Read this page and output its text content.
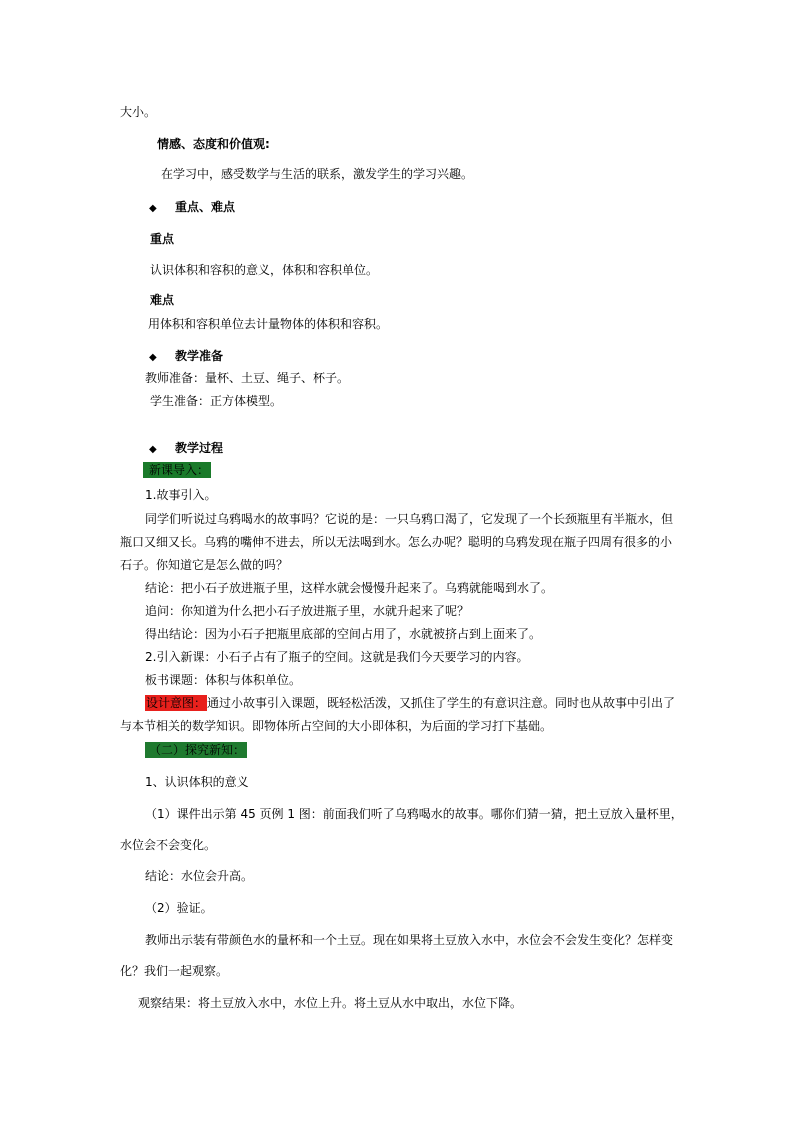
大小。
情感、态度和价值观:
在学习中，感受数学与生活的联系，激发学生的学习兴趣。
◆ 重点、难点
重点
认识体积和容积的意义，体积和容积单位。
难点
用体积和容积单位去计量物体的体积和容积。
◆ 教学准备
教师准备：量杯、土豆、绳子、杯子。
学生准备：正方体模型。
◆ 教学过程
新课导入：
1.故事引入。
同学们听说过乌鸦喝水的故事吗？它说的是：一只乌鸦口渴了，它发现了一个长颈瓶里有半瓶水，但
瓶口又细又长。乌鸦的嘴伸不进去，所以无法喝到水。怎么办呢？聪明的乌鸦发现在瓶子四周有很多的小
石子。你知道它是怎么做的吗？
结论：把小石子放进瓶子里，这样水就会慢慢升起来了。乌鸦就能喝到水了。
追问：你知道为什么把小石子放进瓶子里，水就升起来了呢？
得出结论：因为小石子把瓶里底部的空间占用了，水就被挤占到上面来了。
2.引入新课：小石子占有了瓶子的空间。这就是我们今天要学习的内容。
板书课题：体积与体积单位。
设计意图：通过小故事引入课题，既轻松活泼，又抓住了学生的有意识注意。同时也从故事中引出了
与本节相关的数学知识。即物体所占空间的大小即体积，为后面的学习打下基础。
（二）探究新知：
1、认识体积的意义
（1）课件出示第 45 页例 1 图：前面我们听了乌鸦喝水的故事。哪你们猜一猜，把土豆放入量杯里，
水位会不会变化。
结论：水位会升高。
（2）验证。
教师出示装有带颜色水的量杯和一个土豆。现在如果将土豆放入水中，水位会不会发生变化？怎样变
化？我们一起观察。
观察结果：将土豆放入水中，水位上升。将土豆从水中取出，水位下降。
